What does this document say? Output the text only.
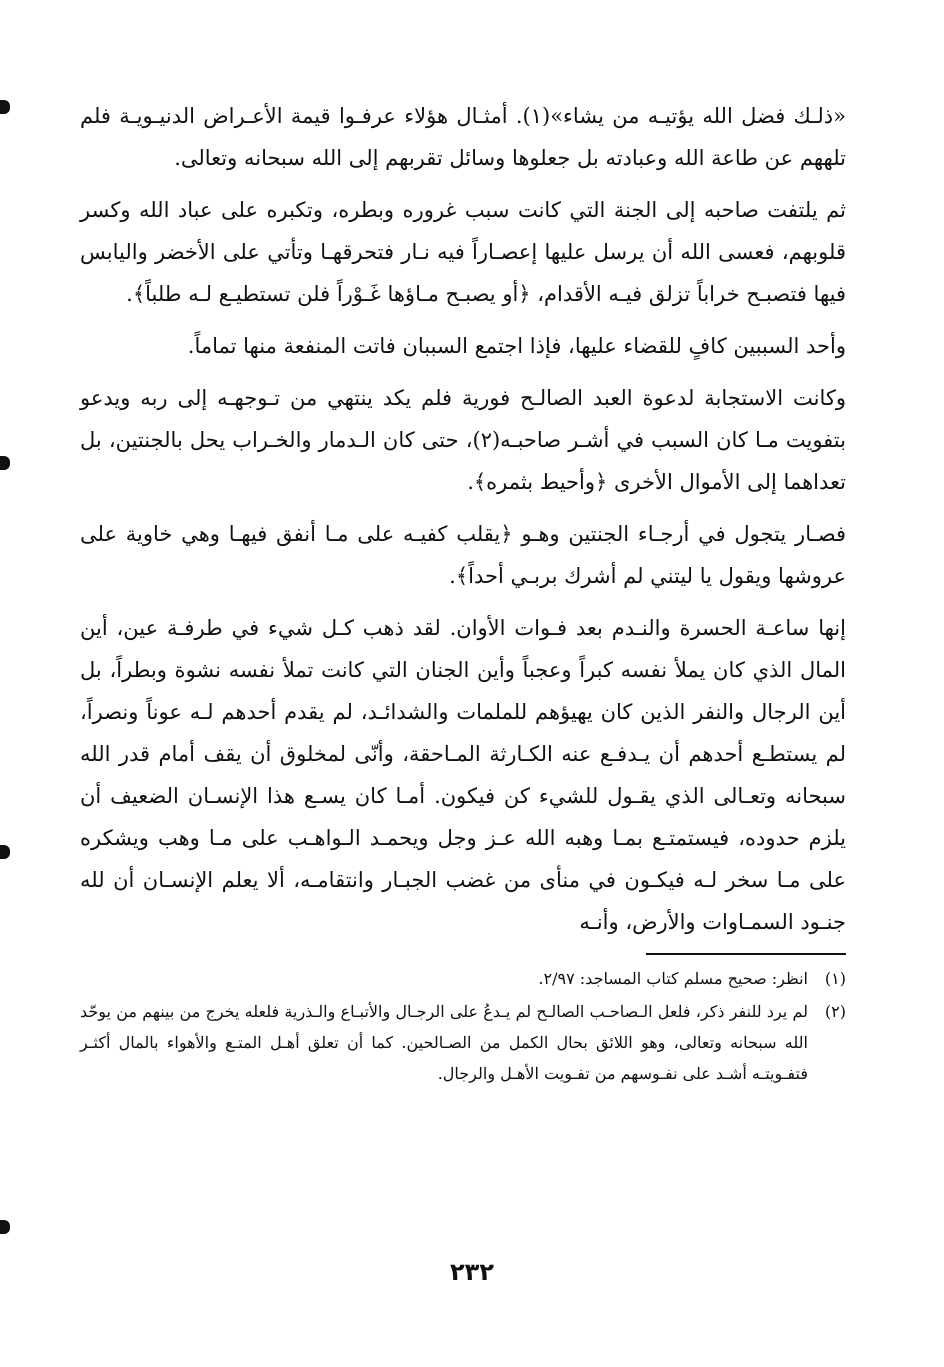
«ذلـك فضل الله يؤتيـه من يشاء»(١). أمثـال هؤلاء عرفـوا قيمة الأعـراض الدنيـويـة فلم تلههم عن طاعة الله وعبادته بل جعلوها وسائل تقربهم إلى الله سبحانه وتعالى.

ثم يلتفت صاحبه إلى الجنة التي كانت سبب غروره وبطره، وتكبره على عباد الله وكسر قلوبهم، فعسى الله أن يرسل عليها إعصـاراً فيه نـار فتحرقهـا وتأتي على الأخضر واليابس فيها فتصبـح خراباً تزلق فيـه الأقدام، ﴿أو يصبـح مـاؤها غَـوْراً فلن تستطيـع لـه طلباً﴾.

وأحد السببين كافٍ للقضاء عليها، فإذا اجتمع السببان فاتت المنفعة منها تماماً.

وكانت الاستجابة لدعوة العبد الصالـح فورية فلم يكد ينتهي من تـوجهـه إلى ربه ويدعو بتفويت مـا كان السبب في أشـر صاحبـه(٢)، حتى كان الـدمار والخـراب يحل بالجنتين، بل تعداهما إلى الأموال الأخرى ﴿وأحيط بثمره﴾.

فصـار يتجول في أرجـاء الجنتين وهـو ﴿يقلب كفيـه على مـا أنفق فيهـا وهي خاوية على عروشها ويقول يا ليتني لم أشرك بربـي أحداً﴾.

إنها ساعـة الحسرة والنـدم بعد فـوات الأوان. لقد ذهب كـل شيء في طرفـة عين، أين المال الذي كان يملأ نفسه كبراً وعجباً وأين الجنان التي كانت تملأ نفسه نشوة وبطراً، بل أين الرجال والنفر الذين كان يهيؤهم للملمات والشدائـد، لم يقدم أحدهم لـه عوناً ونصراً، لم يستطـع أحدهم أن يـدفـع عنه الكـارثة المـاحقة، وأنّى لمخلوق أن يقف أمام قدر الله سبحانه وتعـالى الذي يقـول للشيء كن فيكون. أمـا كان يسـع هذا الإنسـان الضعيف أن يلزم حدوده، فيستمتـع بمـا وهبه الله عـز وجل ويحمـد الـواهـب على مـا وهب ويشكره على مـا سخر لـه فيكـون في منأى من غضب الجبـار وانتقامـه، ألا يعلم الإنسـان أن لله جنـود السمـاوات والأرض، وأنـه

(١)
انظر: صحيح مسلم كتاب المساجد: ٢/٩٧.
(٢)
لم يرد للنفر ذكر، فلعل الـصاحـب الصالـح لم يـدعُ على الرجـال والأتبـاع والـذرية فلعله يخرج من بينهم من يوحّد الله سبحانه وتعالى، وهو اللائق بحال الكمل من الصـالحين. كما أن تعلق أهـل المتـع والأهواء بالمال أكثـر فتفـويتـه أشـد على نفـوسهم من تفـويت الأهـل والرجال.
٢٣٢
